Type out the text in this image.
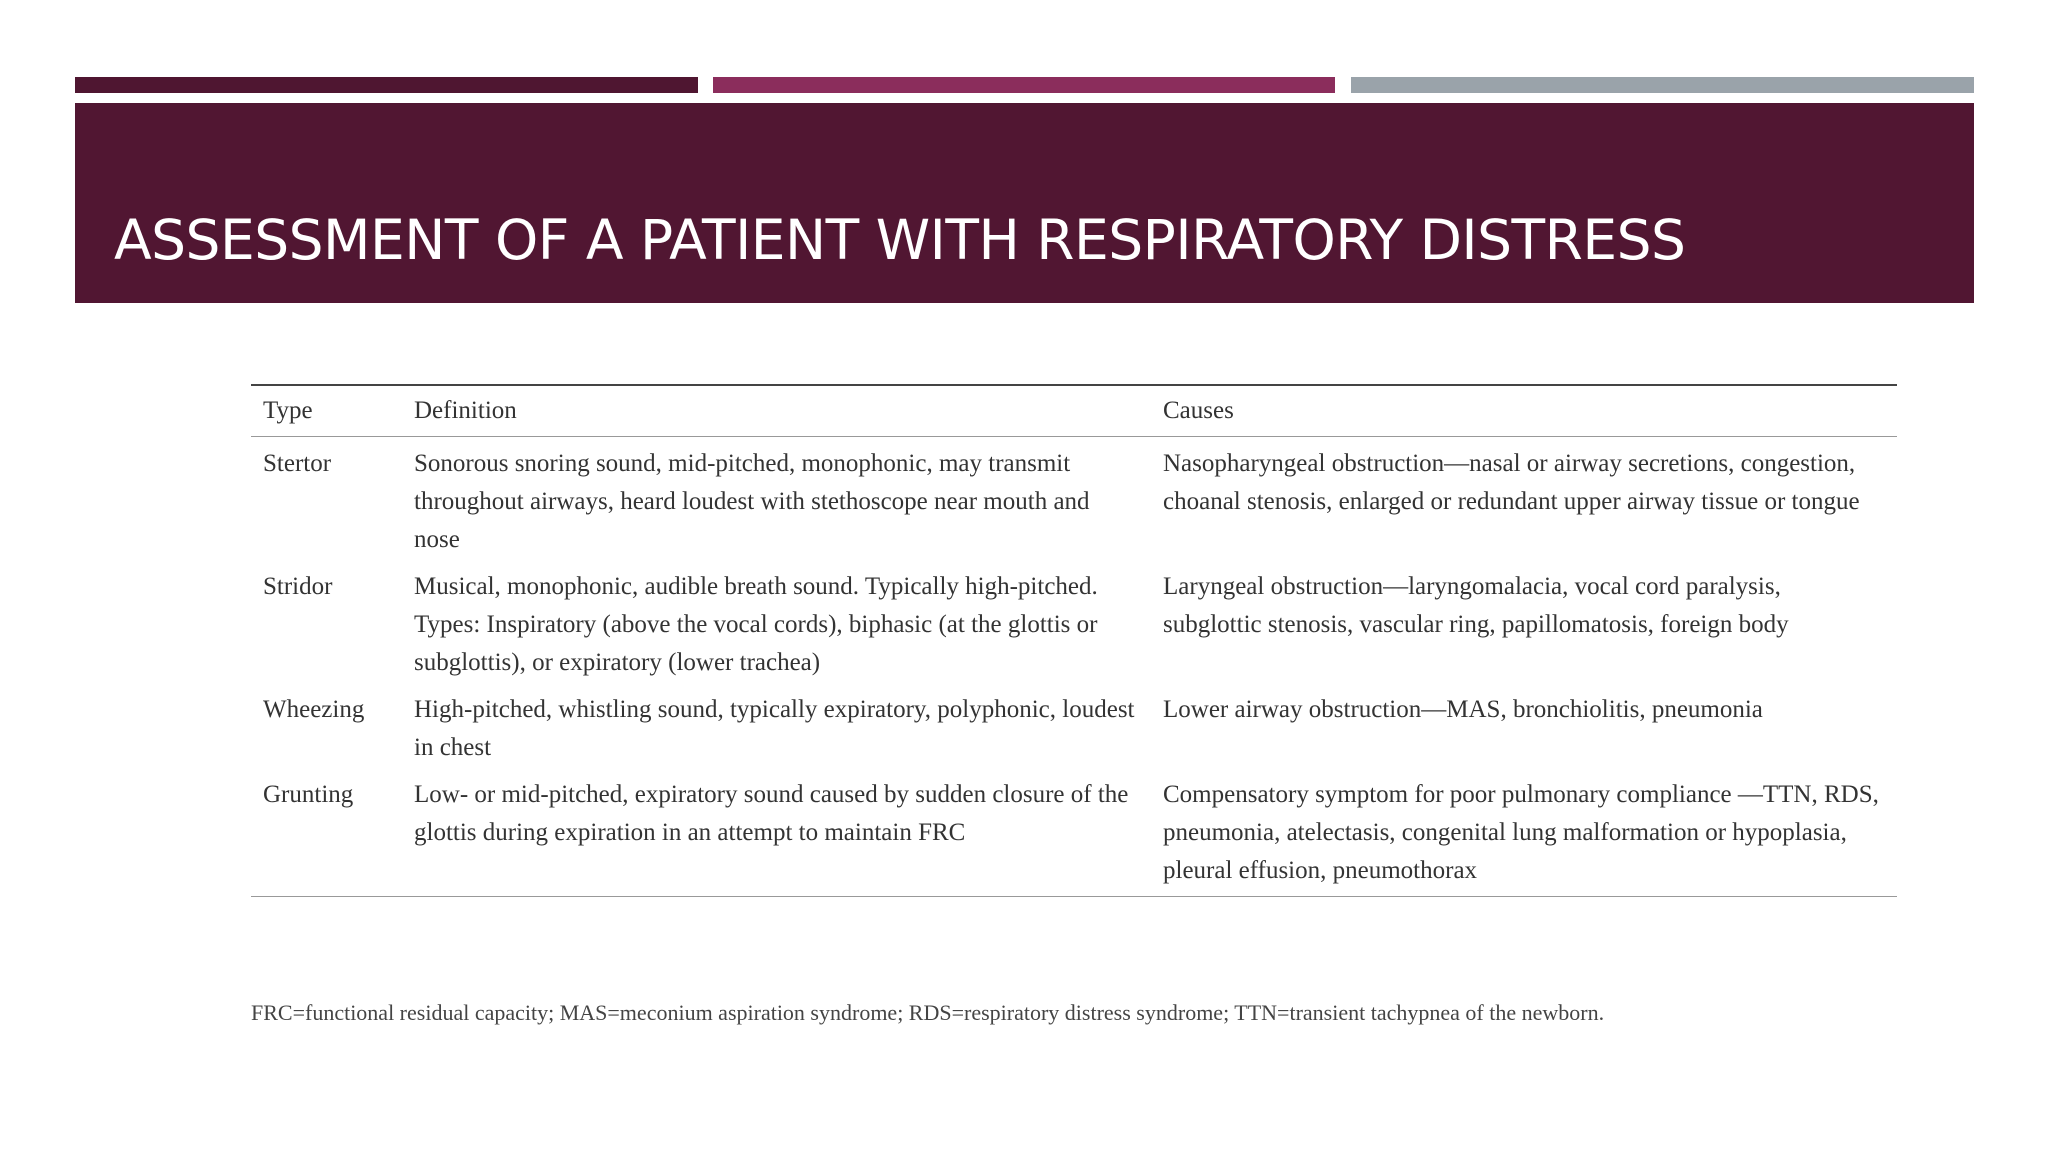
ASSESSMENT OF A PATIENT WITH RESPIRATORY DISTRESS
Type	Definition	Causes
Stertor	Sonorous snoring sound, mid-pitched, monophonic, may transmit throughout airways, heard loudest with stethoscope near mouth and nose	Nasopharyngeal obstruction—nasal or airway secretions, congestion, choanal stenosis, enlarged or redundant upper airway tissue or tongue
Stridor	Musical, monophonic, audible breath sound. Typically high-pitched. Types: Inspiratory (above the vocal cords), biphasic (at the glottis or subglottis), or expiratory (lower trachea)	Laryngeal obstruction—laryngomalacia, vocal cord paralysis, subglottic stenosis, vascular ring, papillomatosis, foreign body
Wheezing	High-pitched, whistling sound, typically expiratory, polyphonic, loudest in chest	Lower airway obstruction—MAS, bronchiolitis, pneumonia
Grunting	Low- or mid-pitched, expiratory sound caused by sudden closure of the glottis during expiration in an attempt to maintain FRC	Compensatory symptom for poor pulmonary compliance —TTN, RDS, pneumonia, atelectasis, congenital lung malformation or hypoplasia, pleural effusion, pneumothorax

FRC=functional residual capacity; MAS=meconium aspiration syndrome; RDS=respiratory distress syndrome; TTN=transient tachypnea of the newborn.
